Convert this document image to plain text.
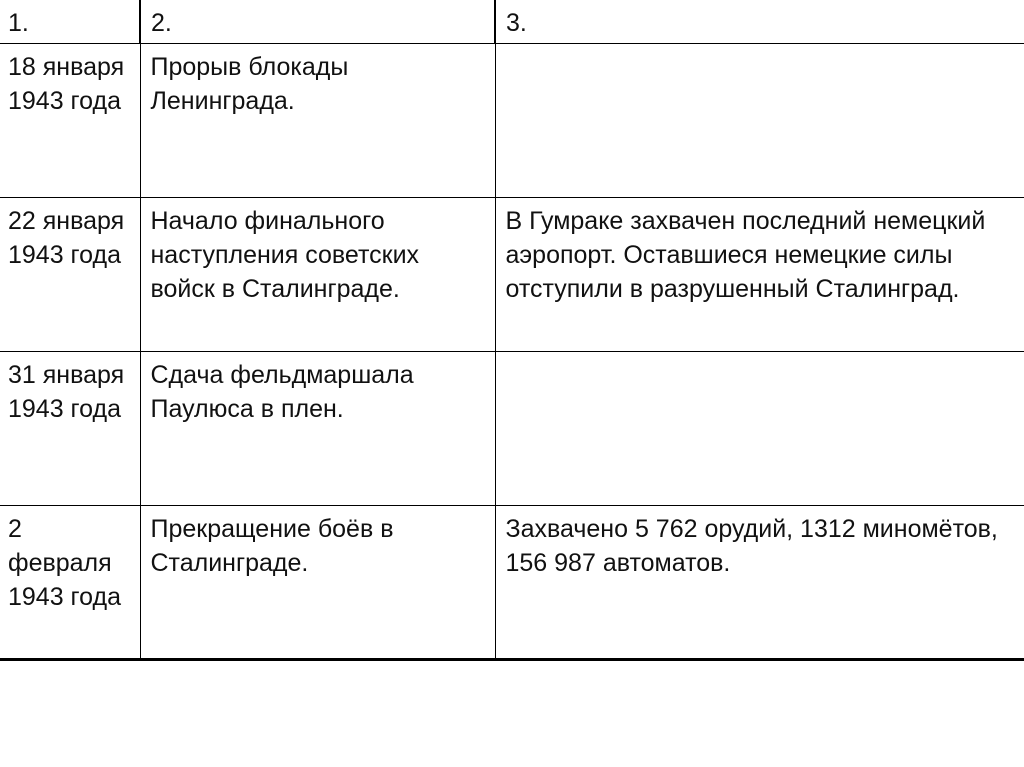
1.	2.	3.
18 января 1943 года	Прорыв блокады Ленинграда.	
22 января 1943 года	Начало финального наступления советских войск в Сталинграде.	В Гумраке захвачен последний немецкий аэропорт. Оставшиеся немецкие силы отступили в разрушенный Сталинград.
31 января 1943 года	Сдача фельдмаршала Паулюса в плен.	
2 февраля 1943 года	Прекращение боёв в Сталинграде.	Захвачено 5 762 орудий, 1312 миномётов, 156 987 автоматов.
